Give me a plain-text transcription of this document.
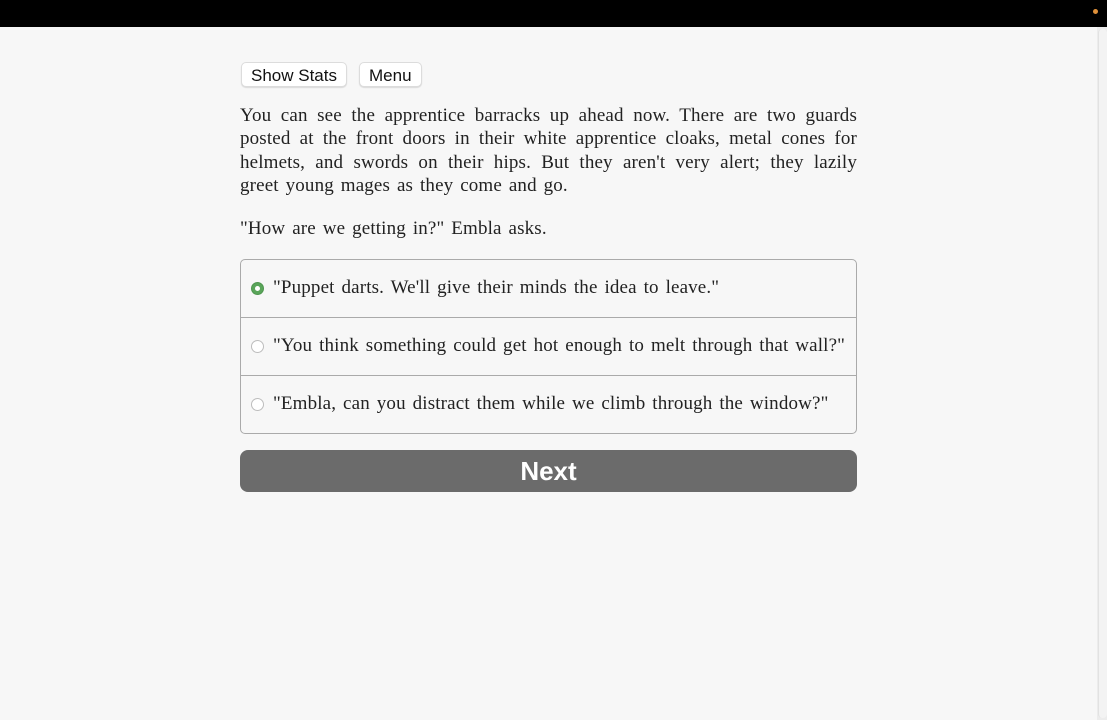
Show Stats	Menu

You can see the apprentice barracks up ahead now. There are two guards posted at the front doors in their white apprentice cloaks, metal cones for helmets, and swords on their hips. But they aren't very alert; they lazily greet young mages as they come and go.

"How are we getting in?" Embla asks.

"Puppet darts. We'll give their minds the idea to leave."
"You think something could get hot enough to melt through that wall?"
"Embla, can you distract them while we climb through the window?"
Next
